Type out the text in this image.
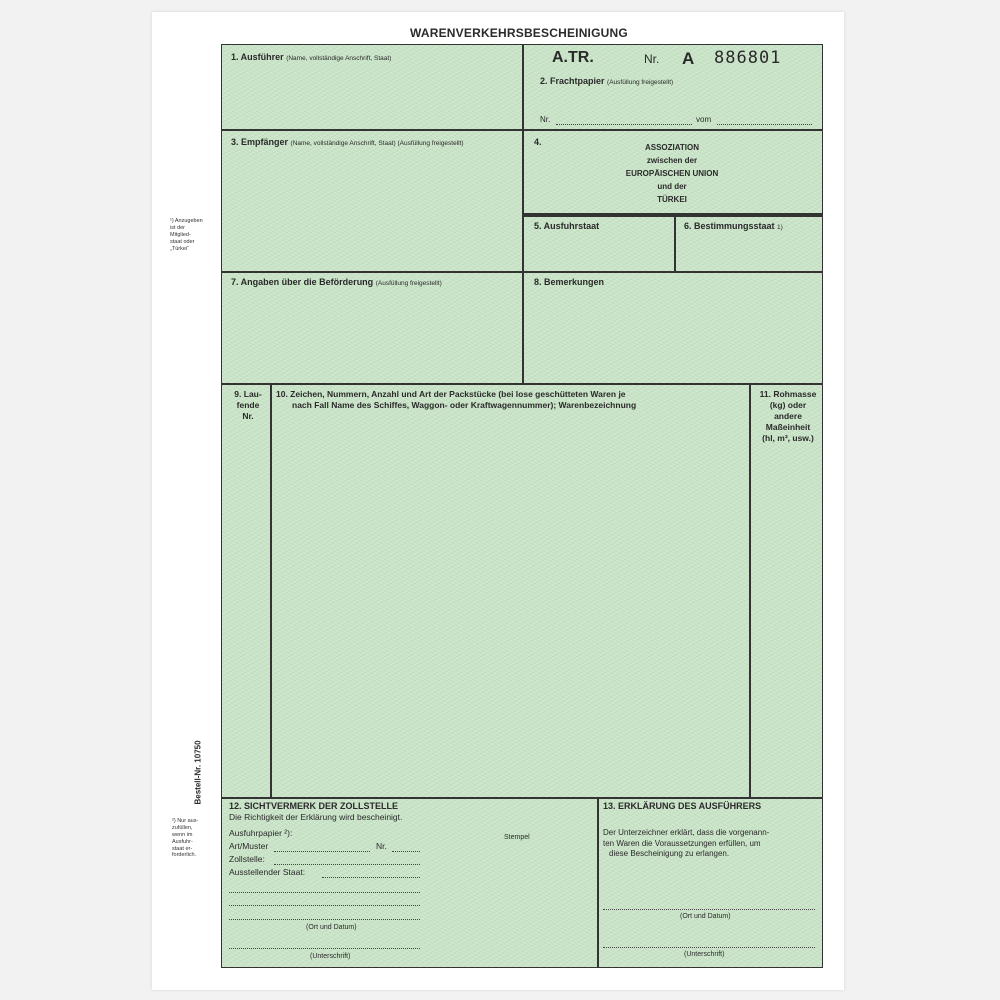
WARENVERKEHRSBESCHEINIGUNG
¹) Anzugeben
ist der
Mitglied-
staat oder
„Türkei“
²) Nur aus-
zufüllen,
wenn im
Ausfuhr-
staat er-
forderlich.
Bestell-Nr. 10750
1. Ausführer (Name, vollständige Anschrift, Staat)	A.TR.	Nr. A 886801
2. Frachtpapier (Ausfüllung freigestellt)
Nr.	vom
3. Empfänger (Name, vollständige Anschrift, Staat) (Ausfüllung freigestellt)	4.
ASSOZIATION
zwischen der
EUROPÄISCHEN UNION
und der
TÜRKEI
5. Ausfuhrstaat	6. Bestimmungsstaat 1)
7. Angaben über die Beförderung (Ausfüllung freigestellt)	8. Bemerkungen
9. Lau-
fende
Nr.
10. Zeichen, Nummern, Anzahl und Art der Packstücke (bei lose geschütteten Waren je
nach Fall Name des Schiffes, Waggon- oder Kraftwagennummer); Warenbezeichnung
11. Rohmasse
(kg) oder
andere
Maßeinheit
(hl, m³, usw.)
12. SICHTVERMERK DER ZOLLSTELLE
Die Richtigkeit der Erklärung wird bescheinigt.
Ausfuhrpapier ²):
Art/Muster	Nr.
Stempel
Zollstelle:
Ausstellender Staat:
(Ort und Datum)
(Unterschrift)
13. ERKLÄRUNG DES AUSFÜHRERS
Der Unterzeichner erklärt, dass die vorgenann-
ten Waren die Voraussetzungen erfüllen, um
diese Bescheinigung zu erlangen.
(Ort und Datum)
(Unterschrift)
